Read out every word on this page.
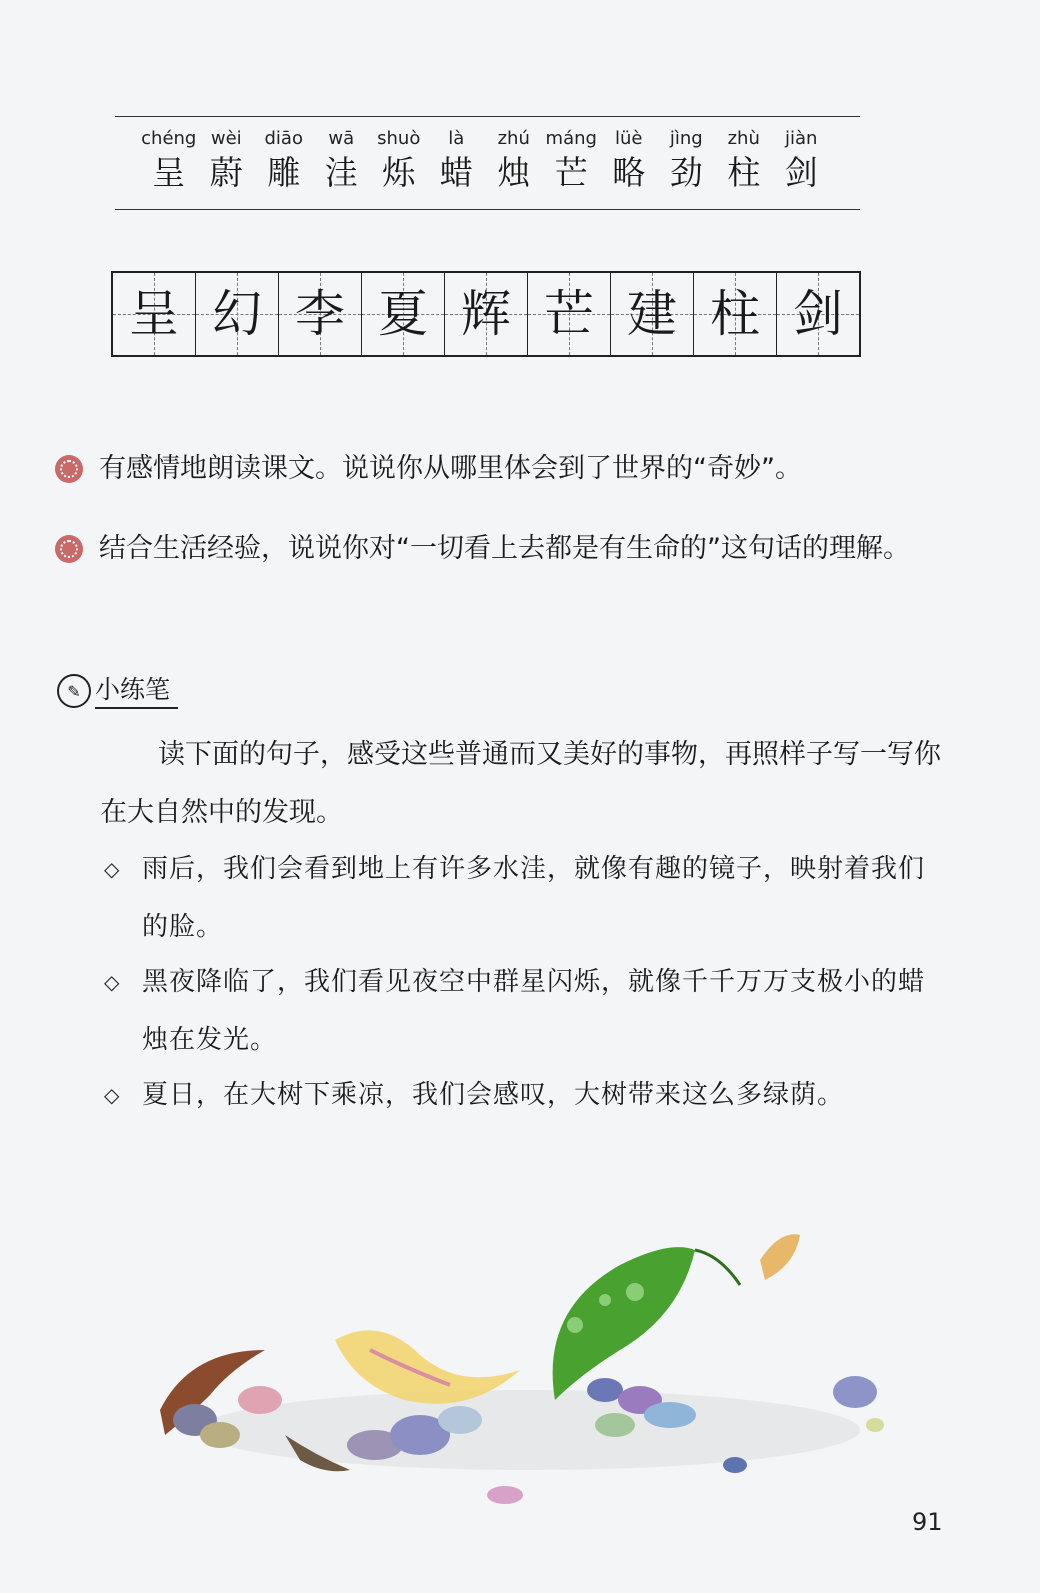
chéng
呈
wèi
蔚
diāo
雕
wā
洼
shuò
烁
là
蜡
zhú
烛
máng
芒
lüè
略
jìng
劲
zhù
柱
jiàn
剑
呈 幻 李 夏 辉 芒 建 柱 剑
有感情地朗读课文。说说你从哪里体会到了世界的“奇妙”。
结合生活经验，说说你对“一切看上去都是有生命的”这句话的理解。
✎ 小练笔
读下面的句子，感受这些普通而又美好的事物，再照样子写一写你在大自然中的发现。
◇ 雨后，我们会看到地上有许多水洼，就像有趣的镜子，映射着我们的脸。
◇ 黑夜降临了，我们看见夜空中群星闪烁，就像千千万万支极小的蜡烛在发光。
◇ 夏日，在大树下乘凉，我们会感叹，大树带来这么多绿荫。
91
